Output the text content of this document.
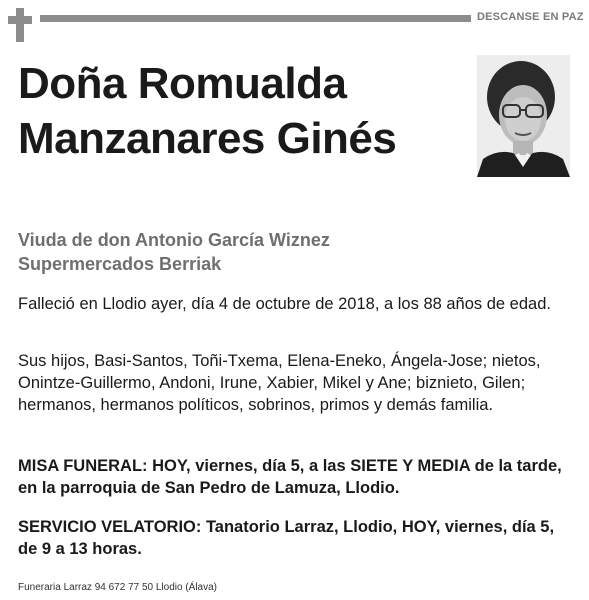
DESCANSE EN PAZ
Doña Romualda
Manzanares Ginés
Viuda de don Antonio García Wiznez
Supermercados Berriak
Falleció en Llodio ayer, día 4 de octubre de 2018, a los 88 años de edad.
Sus hijos, Basi-Santos, Toñi-Txema, Elena-Eneko, Ángela-Jose; nietos, Onintze-Guillermo, Andoni, Irune, Xabier, Mikel y Ane; biznieto, Gilen; hermanos, hermanos políticos, sobrinos, primos y demás familia.
MISA FUNERAL: HOY, viernes, día 5, a las SIETE Y MEDIA de la tarde, en la parroquia de San Pedro de Lamuza, Llodio.
SERVICIO VELATORIO: Tanatorio Larraz, Llodio, HOY, viernes, día 5, de 9 a 13 horas.
Funeraria Larraz 94 672 77 50 Llodio (Álava)
